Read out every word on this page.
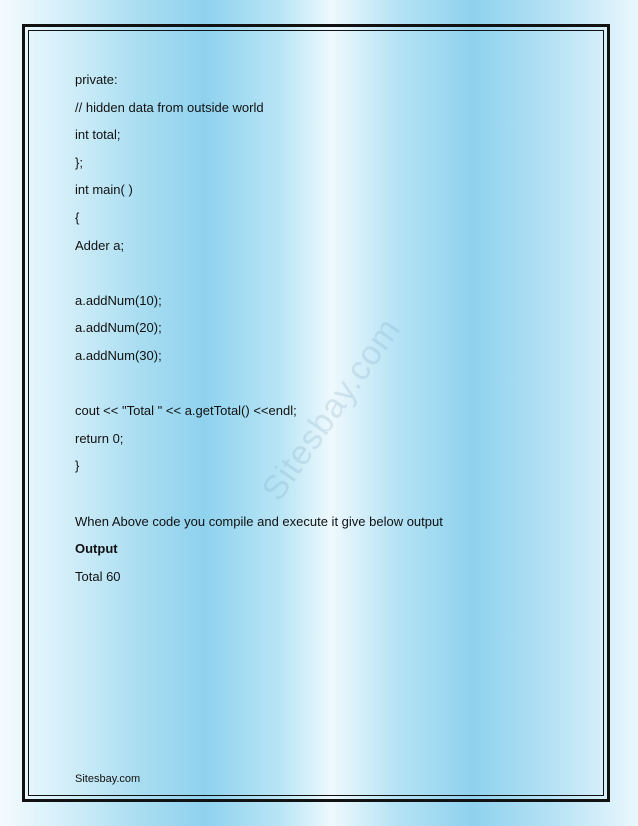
Sitesbay.com
private:
// hidden data from outside world
int total;
};
int main( )
{
Adder a;
a.addNum(10);
a.addNum(20);
a.addNum(30);
cout << "Total " << a.getTotal() <<endl;
return 0;
}
When Above code you compile and execute it give below output
Output
Total 60
Sitesbay.com
